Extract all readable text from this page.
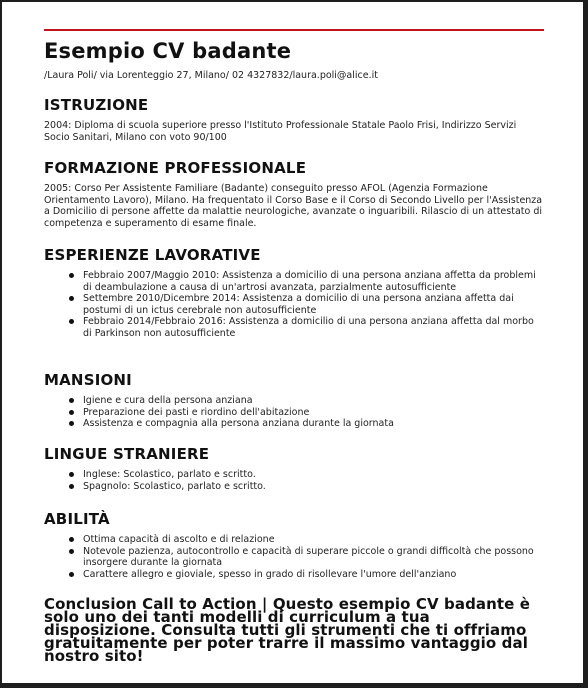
Esempio CV badante
/Laura Poli/ via Lorenteggio 27, Milano/ 02 4327832/laura.poli@alice.it
ISTRUZIONE
2004: Diploma di scuola superiore presso l'Istituto Professionale Statale Paolo Frisi, Indirizzo Servizi Socio Sanitari, Milano con voto 90/100
FORMAZIONE PROFESSIONALE
2005: Corso Per Assistente Familiare (Badante) conseguito presso AFOL (Agenzia Formazione Orientamento Lavoro), Milano. Ha frequentato il Corso Base e il Corso di Secondo Livello per l'Assistenza a Domicilio di persone affette da malattie neurologiche, avanzate o inguaribili. Rilascio di un attestato di competenza e superamento di esame finale.
ESPERIENZE LAVORATIVE
Febbraio 2007/Maggio 2010: Assistenza a domicilio di una persona anziana affetta da problemi di deambulazione a causa di un'artrosi avanzata, parzialmente autosufficiente
Settembre 2010/Dicembre 2014: Assistenza a domicilio di una persona anziana affetta dai postumi di un ictus cerebrale non autosufficiente
Febbraio 2014/Febbraio 2016: Assistenza a domicilio di una persona anziana affetta dal morbo di Parkinson non autosufficiente
MANSIONI
Igiene e cura della persona anziana
Preparazione dei pasti e riordino dell'abitazione
Assistenza e compagnia alla persona anziana durante la giornata
LINGUE STRANIERE
Inglese: Scolastico, parlato e scritto.
Spagnolo: Scolastico, parlato e scritto.
ABILITÀ
Ottima capacità di ascolto e di relazione
Notevole pazienza, autocontrollo e capacità di superare piccole o grandi difficoltà che possono insorgere durante la giornata
Carattere allegro e gioviale, spesso in grado di risollevare l'umore dell'anziano
Conclusion Call to Action | Questo esempio CV badante è solo uno dei tanti modelli di curriculum a tua disposizione. Consulta tutti gli strumenti che ti offriamo gratuitamente per poter trarre il massimo vantaggio dal nostro sito!
